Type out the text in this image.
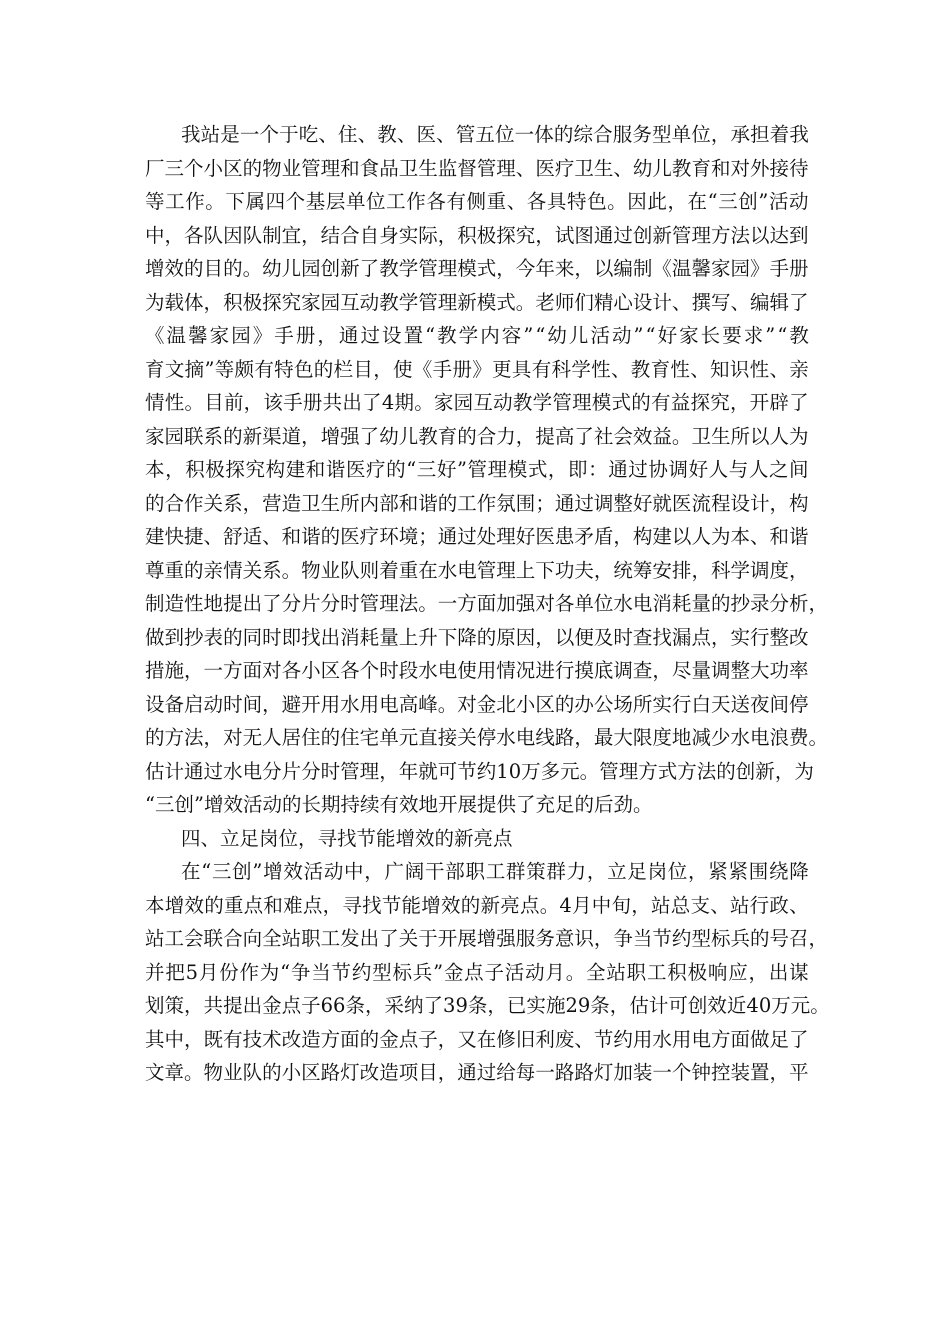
我 站 是 一 个 于 吃 、 住 、 教 、 医 、 管 五 位 一 体 的 综 合 服 务 型 单 位 ， 承 担 着 我
厂 三 个 小 区 的 物 业 管 理 和 食 品 卫 生 监 督 管 理 、 医 疗 卫 生 、 幼 儿 教 育 和 对 外 接 待
等 工 作 。 下 属 四 个 基 层 单 位 工 作 各 有 侧 重 、 各 具 特 色 。 因 此 ， 在 “ 三 创 ” 活 动
中 ， 各 队 因 队 制 宜 ， 结 合 自 身 实 际 ， 积 极 探 究 ， 试 图 通 过 创 新 管 理 方 法 以 达 到
增 效 的 目 的 。 幼 儿 园 创 新 了 教 学 管 理 模 式 ， 今 年 来 ， 以 编 制 《 温 馨 家 园 》 手 册
为 载 体 ， 积 极 探 究 家 园 互 动 教 学 管 理 新 模 式 。 老 师 们 精 心 设 计 、 撰 写 、 编 辑 了
《 温 馨 家 园 》 手 册 ， 通 过 设 置 “ 教 学 内 容 ” “ 幼 儿 活 动 ” “ 好 家 长 要 求 ” “ 教
育 文 摘 ” 等 颇 有 特 色 的 栏 目 ， 使 《 手 册 》 更 具 有 科 学 性 、 教 育 性 、 知 识 性 、 亲
情 性 。 目 前 ， 该 手 册 共 出 了 4 期 。 家 园 互 动 教 学 管 理 模 式 的 有 益 探 究 ， 开 辟 了
家 园 联 系 的 新 渠 道 ， 增 强 了 幼 儿 教 育 的 合 力 ， 提 高 了 社 会 效 益 。 卫 生 所 以 人 为
本 ， 积 极 探 究 构 建 和 谐 医 疗 的 “ 三 好 ” 管 理 模 式 ， 即 ： 通 过 协 调 好 人 与 人 之 间
的 合 作 关 系 ， 营 造 卫 生 所 内 部 和 谐 的 工 作 氛 围 ； 通 过 调 整 好 就 医 流 程 设 计 ， 构
建 快 捷 、 舒 适 、 和 谐 的 医 疗 环 境 ； 通 过 处 理 好 医 患 矛 盾 ， 构 建 以 人 为 本 、 和 谐
尊 重 的 亲 情 关 系 。 物 业 队 则 着 重 在 水 电 管 理 上 下 功 夫 ， 统 筹 安 排 ， 科 学 调 度 ，
制 造 性 地 提 出 了 分 片 分 时 管 理 法 。 一 方 面 加 强 对 各 单 位 水 电 消 耗 量 的 抄 录 分 析 ，
做 到 抄 表 的 同 时 即 找 出 消 耗 量 上 升 下 降 的 原 因 ， 以 便 及 时 查 找 漏 点 ， 实 行 整 改
措 施 ， 一 方 面 对 各 小 区 各 个 时 段 水 电 使 用 情 况 进 行 摸 底 调 查 ， 尽 量 调 整 大 功 率
设 备 启 动 时 间 ， 避 开 用 水 用 电 高 峰 。 对 金 北 小 区 的 办 公 场 所 实 行 白 天 送 夜 间 停
的 方 法 ， 对 无 人 居 住 的 住 宅 单 元 直 接 关 停 水 电 线 路 ， 最 大 限 度 地 减 少 水 电 浪 费 。
估 计 通 过 水 电 分 片 分 时 管 理 ， 年 就 可 节 约 10 万 多 元 。 管 理 方 式 方 法 的 创 新 ， 为
“三创”增效活动的长期持续有效地开展提供了充足的后劲。
四、立足岗位，寻找节能增效的新亮点
在 “ 三 创 ” 增 效 活 动 中 ， 广 阔 干 部 职 工 群 策 群 力 ， 立 足 岗 位 ， 紧 紧 围 绕 降
本 增 效 的 重 点 和 难 点 ， 寻 找 节 能 增 效 的 新 亮 点 。 4 月 中 旬 ， 站 总 支 、 站 行 政 、
站 工 会 联 合 向 全 站 职 工 发 出 了 关 于 开 展 增 强 服 务 意 识 ， 争 当 节 约 型 标 兵 的 号 召 ，
并 把 5 月 份 作 为 “ 争 当 节 约 型 标 兵 ” 金 点 子 活 动 月 。 全 站 职 工 积 极 响 应 ， 出 谋
划 策 ， 共 提 出 金 点 子 66 条 ， 采 纳 了 39 条 ， 已 实 施 29 条 ， 估 计 可 创 效 近 40 万 元 。
其 中 ， 既 有 技 术 改 造 方 面 的 金 点 子 ， 又 在 修 旧 利 废 、 节 约 用 水 用 电 方 面 做 足 了
文 章 。 物 业 队 的 小 区 路 灯 改 造 项 目 ， 通 过 给 每 一 路 路 灯 加 装 一 个 钟 控 装 置 ， 平
